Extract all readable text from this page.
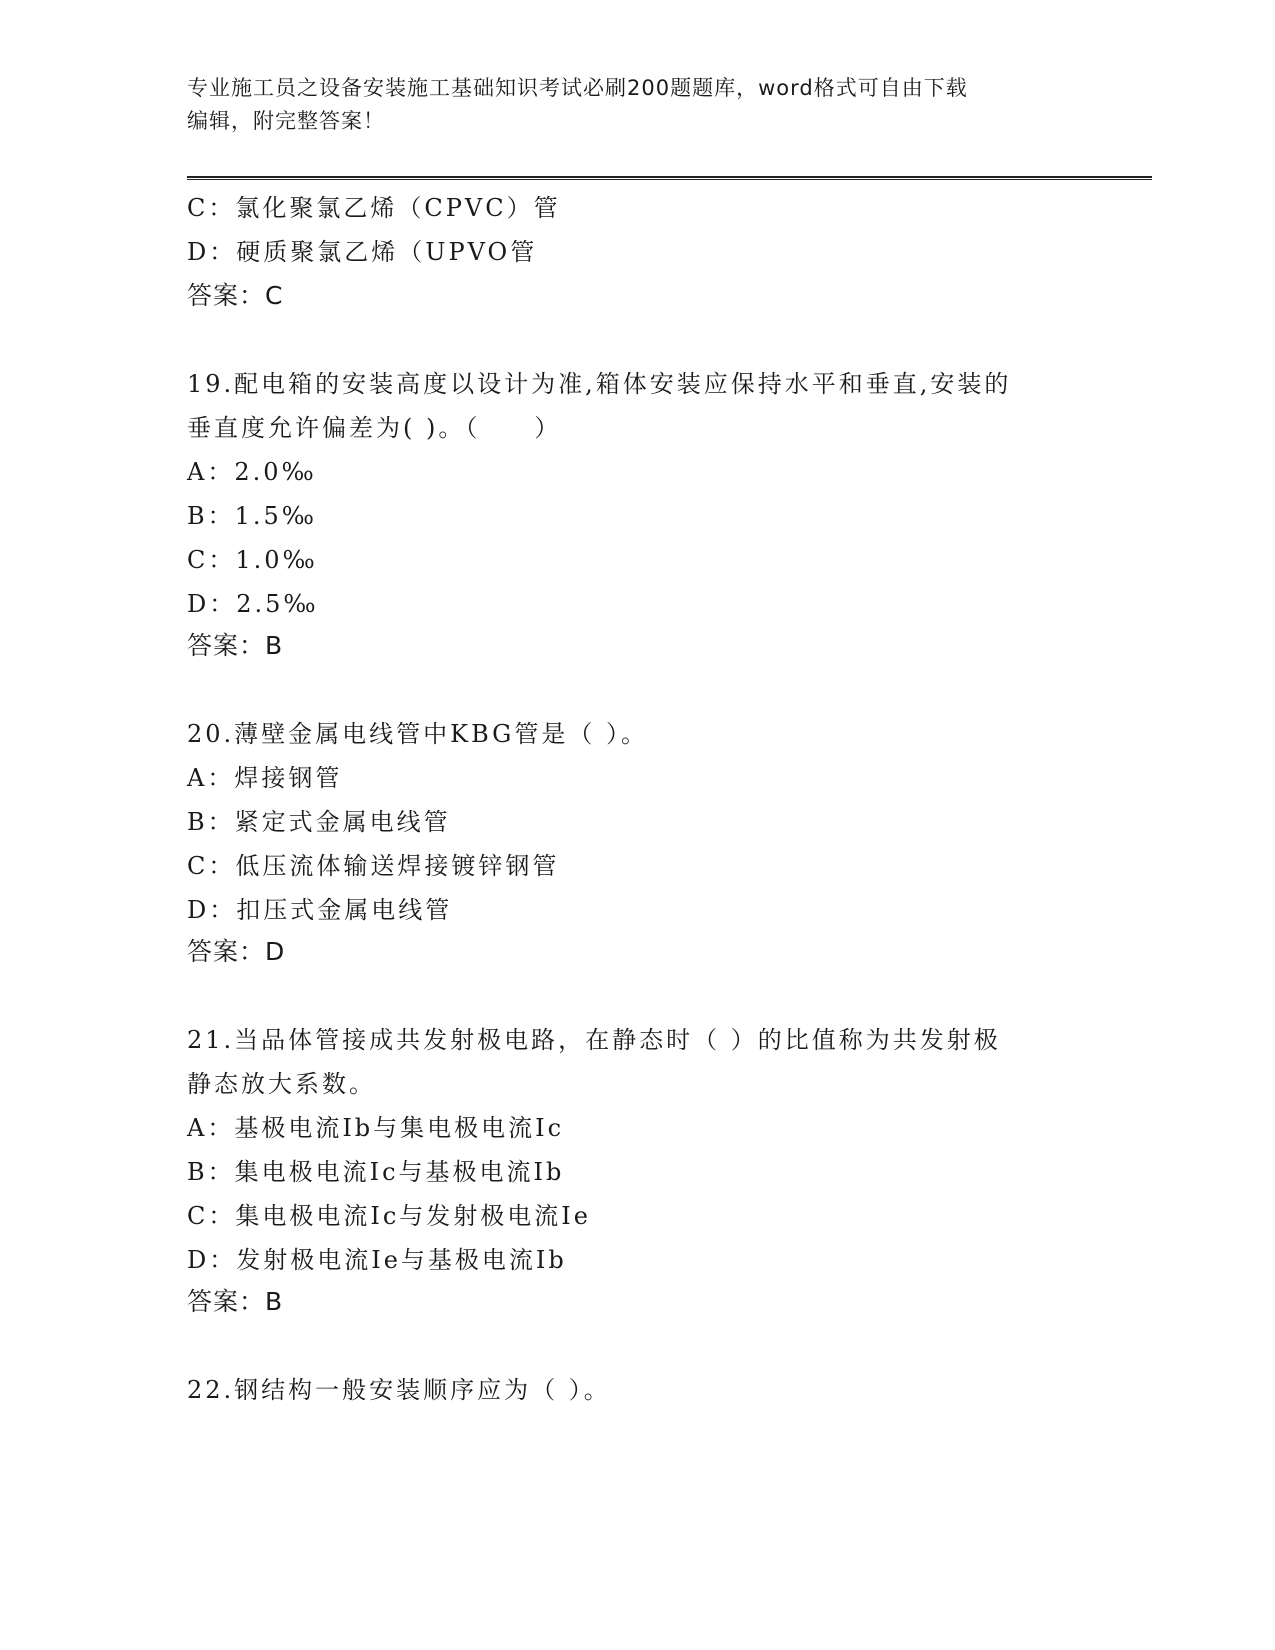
专业施工员之设备安装施工基础知识考试必刷200题题库，word格式可自由下载
编辑，附完整答案！
C：氯化聚氯乙烯（CPVC）管
D：硬质聚氯乙烯（UPVO管
答案：C
19.配电箱的安装高度以设计为准,箱体安装应保持水平和垂直,安装的
垂直度允许偏差为( )。（　　）
A：2.0‰
B：1.5‰
C：1.0‰
D：2.5‰
答案：B
20.薄壁金属电线管中KBG管是（ ）。
A：焊接钢管
B：紧定式金属电线管
C：低压流体输送焊接镀锌钢管
D：扣压式金属电线管
答案：D
21.当品体管接成共发射极电路，在静态时（ ）的比值称为共发射极
静态放大系数。
A：基极电流Ib与集电极电流Ic
B：集电极电流Ic与基极电流Ib
C：集电极电流Ic与发射极电流Ie
D：发射极电流Ie与基极电流Ib
答案：B
22.钢结构一般安装顺序应为（ ）。
